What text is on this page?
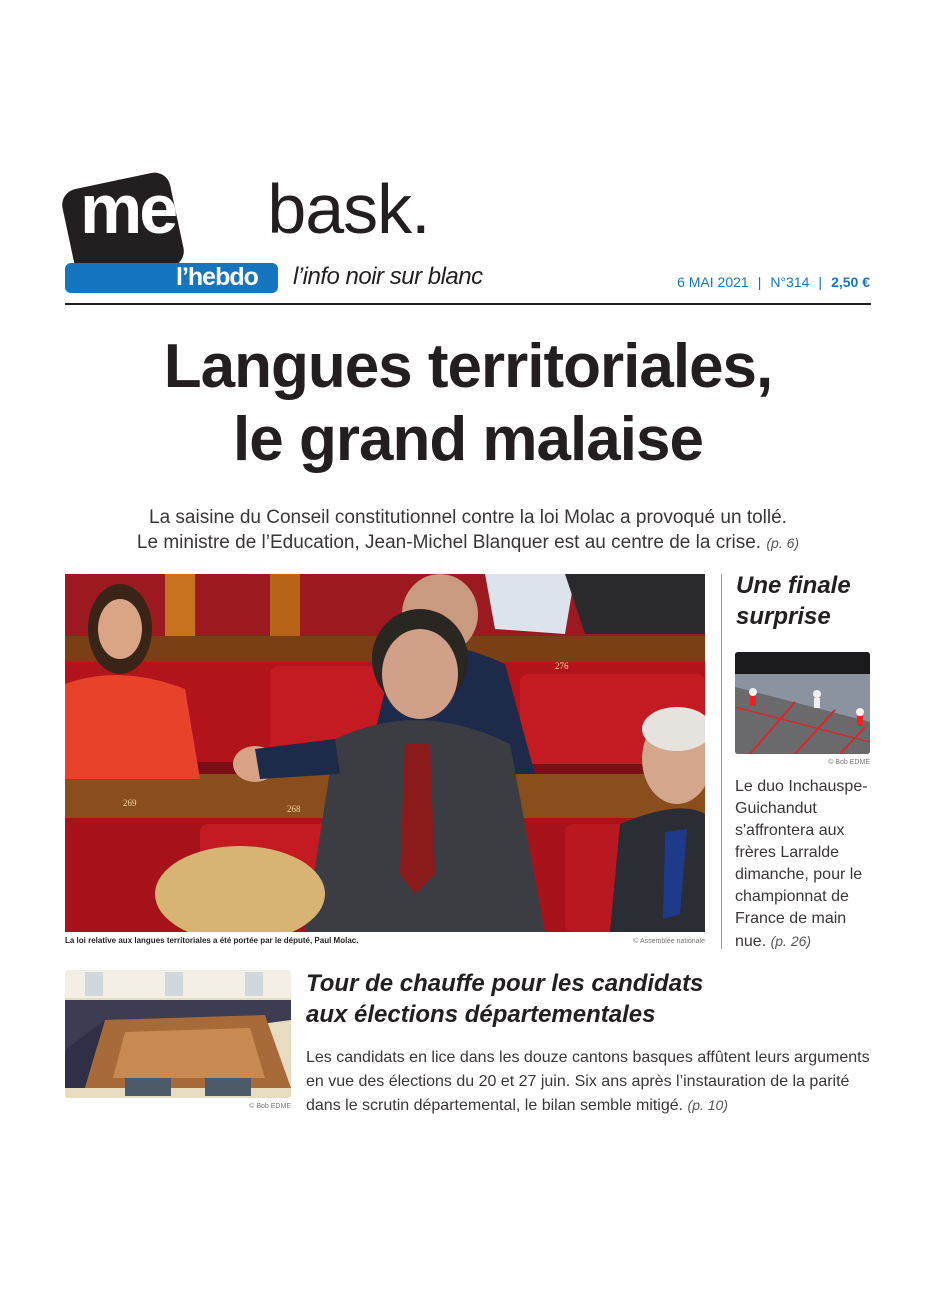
mediabask.
l’hebdo l’info noir sur blanc	6 MAI 2021 | N°314 | 2,50 €
Langues territoriales,
le grand malaise
La saisine du Conseil constitutionnel contre la loi Molac a provoqué un tollé.
Le ministre de l’Education, Jean-Michel Blanquer est au centre de la crise. (p. 6)
276
269
268
La loi relative aux langues territoriales a été portée par le député, Paul Molac.	© Assemblée nationale
Une finale
surprise
© Bob EDME
Le duo Inchauspe-Guichandut s'affrontera aux frères Larralde dimanche, pour le championnat de France de main nue. (p. 26)
© Bob EDME
Tour de chauffe pour les candidats
aux élections départementales
Les candidats en lice dans les douze cantons basques affûtent leurs arguments en vue des élections du 20 et 27 juin. Six ans après l’instauration de la parité dans le scrutin départemental, le bilan semble mitigé. (p. 10)
